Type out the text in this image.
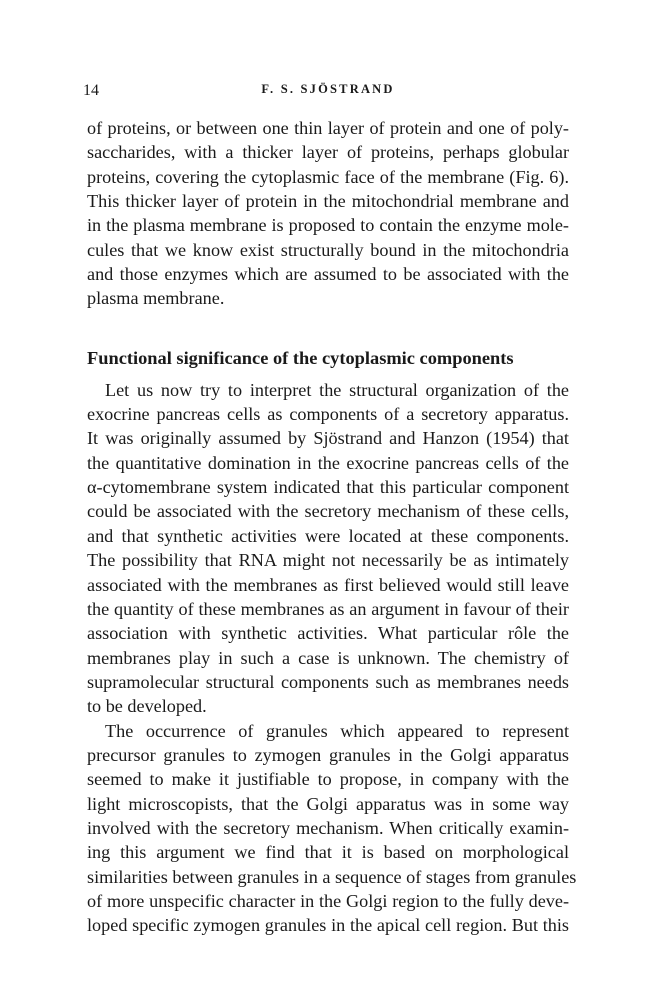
14	F. S. SJÖSTRAND
of proteins, or between one thin layer of protein and one of poly-
saccharides, with a thicker layer of proteins, perhaps globular
proteins, covering the cytoplasmic face of the membrane (Fig. 6).
This thicker layer of protein in the mitochondrial membrane and
in the plasma membrane is proposed to contain the enzyme mole-
cules that we know exist structurally bound in the mitochondria
and those enzymes which are assumed to be associated with the
plasma membrane.
Functional significance of the cytoplasmic components
Let us now try to interpret the structural organization of the
exocrine pancreas cells as components of a secretory apparatus.
It was originally assumed by Sjöstrand and Hanzon (1954) that
the quantitative domination in the exocrine pancreas cells of the
α-cytomembrane system indicated that this particular component
could be associated with the secretory mechanism of these cells,
and that synthetic activities were located at these components.
The possibility that RNA might not necessarily be as intimately
associated with the membranes as first believed would still leave
the quantity of these membranes as an argument in favour of their
association with synthetic activities. What particular rôle the
membranes play in such a case is unknown. The chemistry of
supramolecular structural components such as membranes needs
to be developed.
The occurrence of granules which appeared to represent
precursor granules to zymogen granules in the Golgi apparatus
seemed to make it justifiable to propose, in company with the
light microscopists, that the Golgi apparatus was in some way
involved with the secretory mechanism. When critically examin-
ing this argument we find that it is based on morphological
similarities between granules in a sequence of stages from granules
of more unspecific character in the Golgi region to the fully deve-
loped specific zymogen granules in the apical cell region. But this
